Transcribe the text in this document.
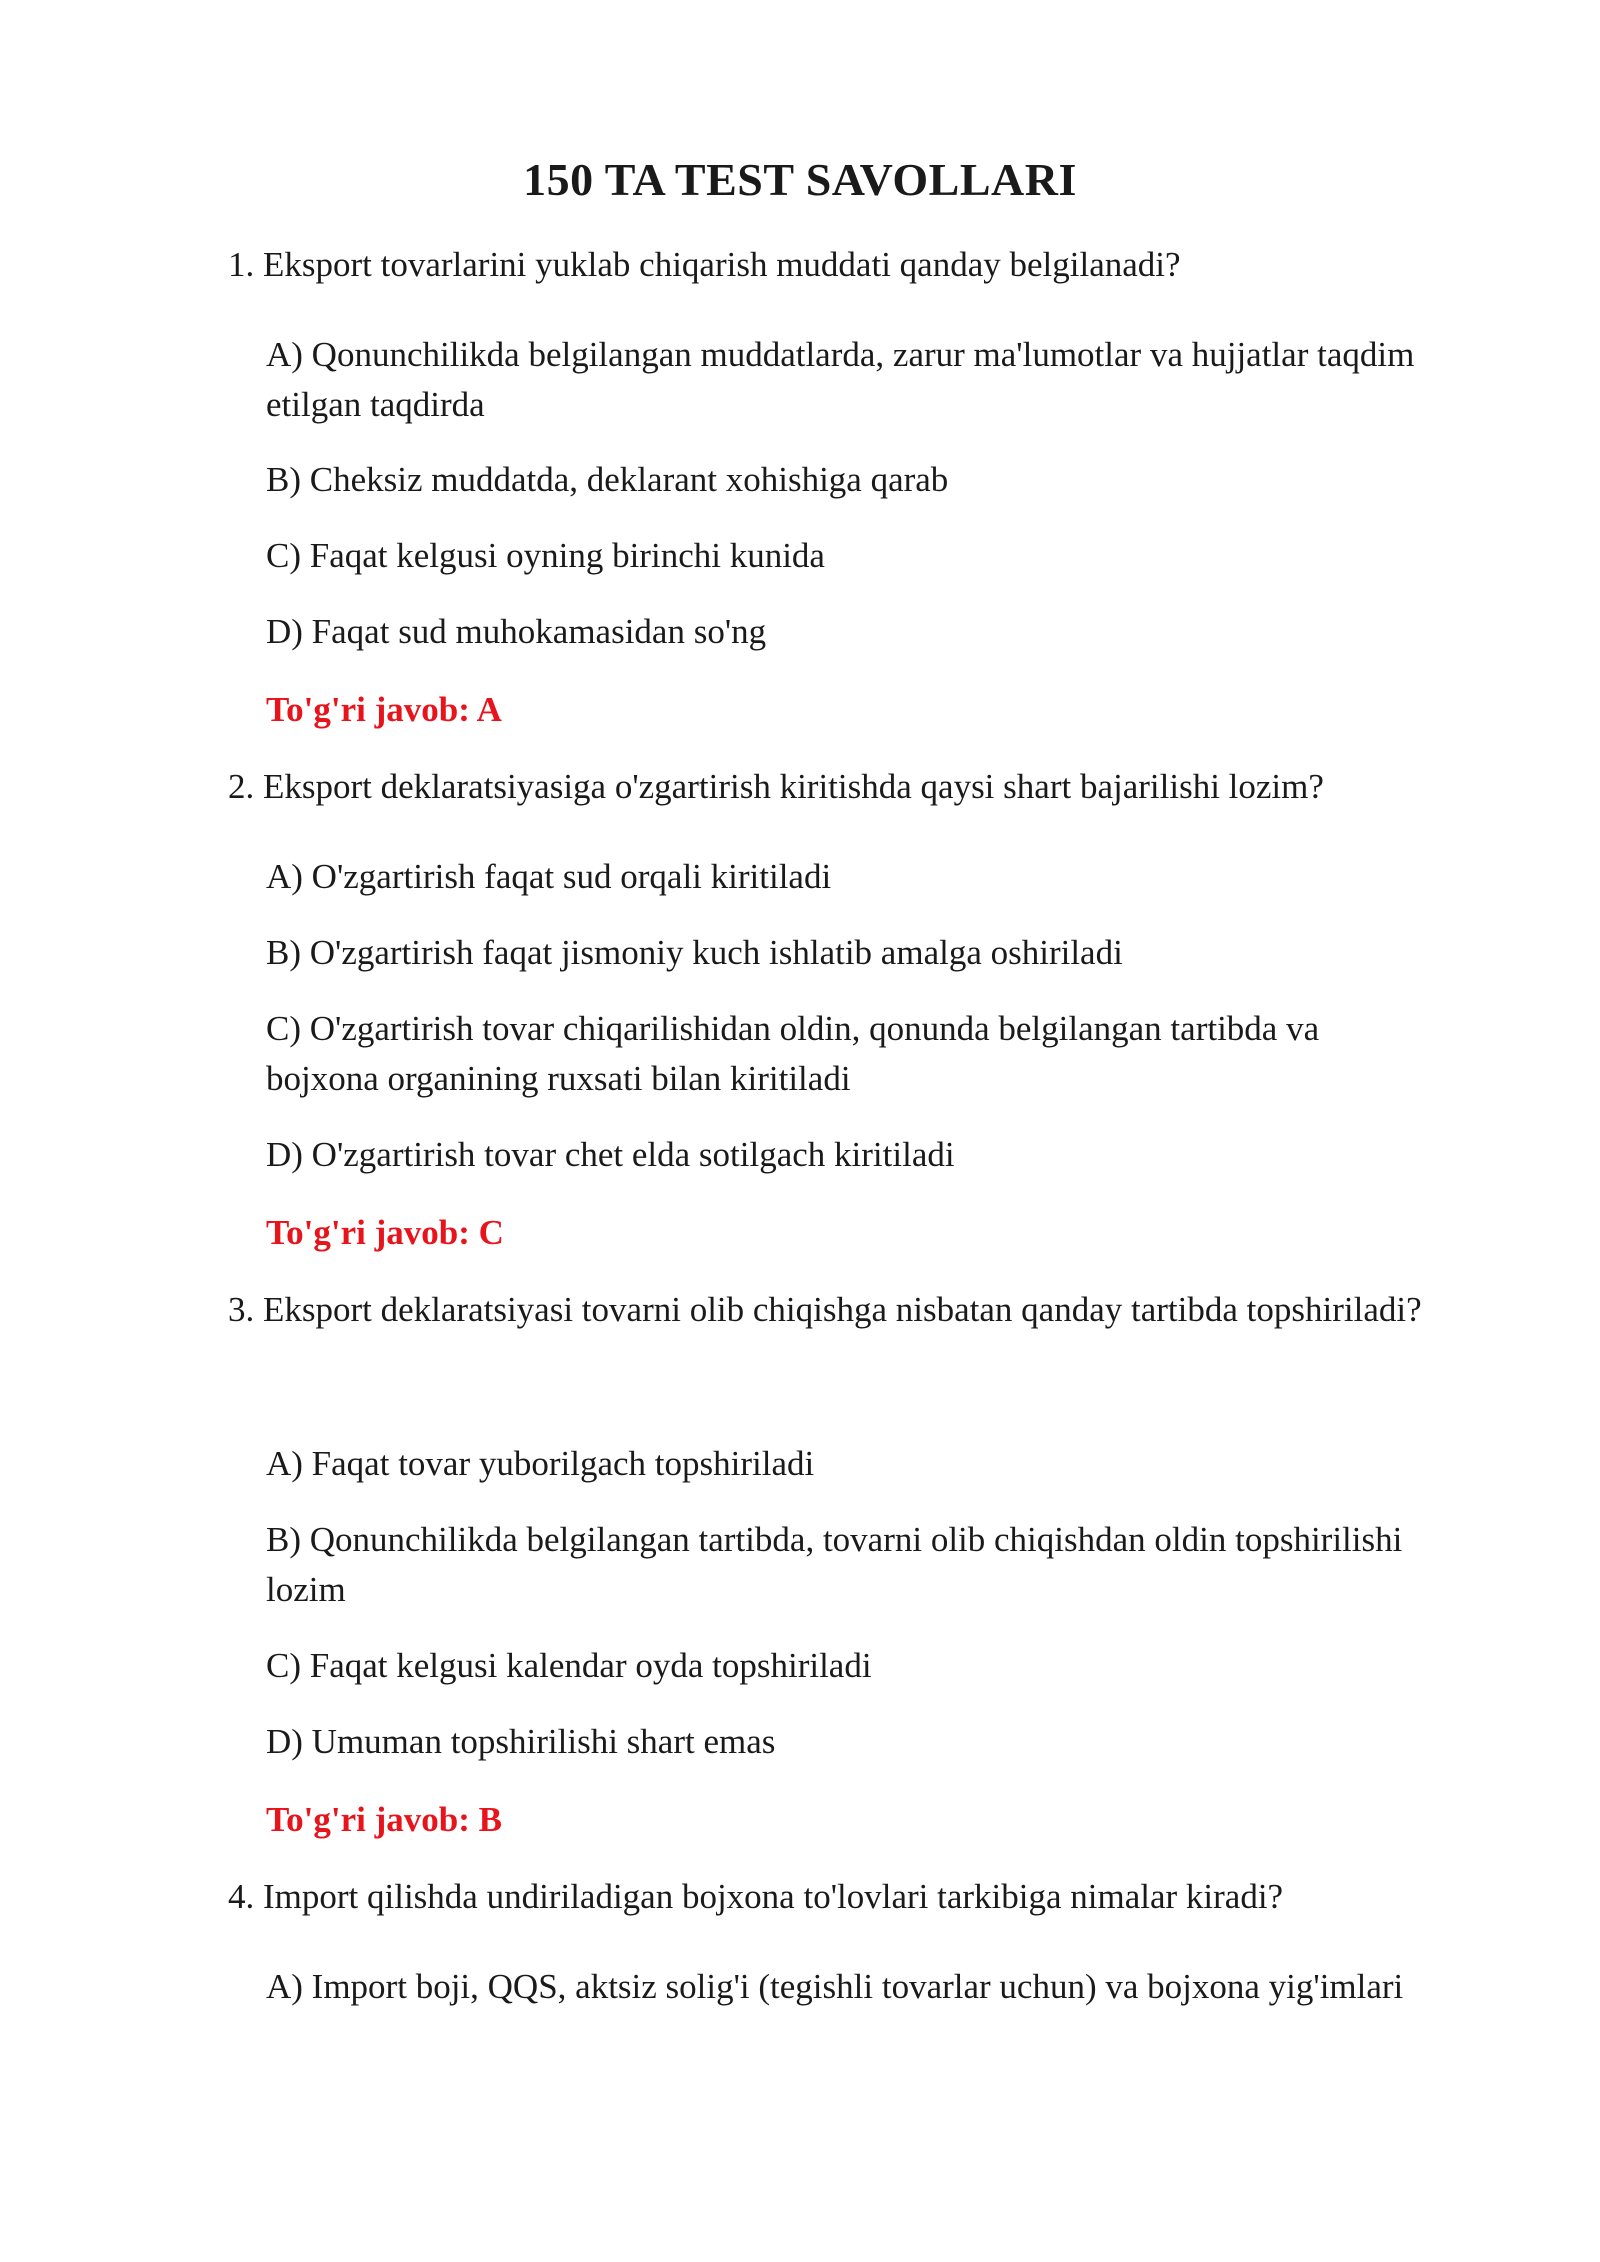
150 TA TEST SAVOLLARI

1. Eksport tovarlarini yuklab chiqarish muddati qanday belgilanadi?

A) Qonunchilikda belgilangan muddatlarda, zarur ma'lumotlar va hujjatlar taqdim etilgan taqdirda

B) Cheksiz muddatda, deklarant xohishiga qarab

C) Faqat kelgusi oyning birinchi kunida

D) Faqat sud muhokamasidan so'ng

To'g'ri javob: A

2. Eksport deklaratsiyasiga o'zgartirish kiritishda qaysi shart bajarilishi lozim?

A) O'zgartirish faqat sud orqali kiritiladi

B) O'zgartirish faqat jismoniy kuch ishlatib amalga oshiriladi

C) O'zgartirish tovar chiqarilishidan oldin, qonunda belgilangan tartibda va bojxona organining ruxsati bilan kiritiladi

D) O'zgartirish tovar chet elda sotilgach kiritiladi

To'g'ri javob: C

3. Eksport deklaratsiyasi tovarni olib chiqishga nisbatan qanday tartibda topshiriladi?

A) Faqat tovar yuborilgach topshiriladi

B) Qonunchilikda belgilangan tartibda, tovarni olib chiqishdan oldin topshirilishi lozim

C) Faqat kelgusi kalendar oyda topshiriladi

D) Umuman topshirilishi shart emas

To'g'ri javob: B

4. Import qilishda undiriladigan bojxona to'lovlari tarkibiga nimalar kiradi?

A) Import boji, QQS, aktsiz solig'i (tegishli tovarlar uchun) va bojxona yig'imlari
